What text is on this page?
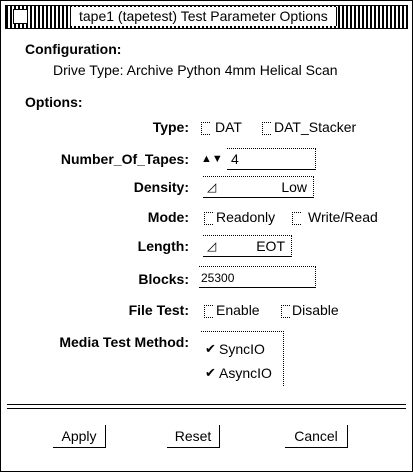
tape1 (tapetest) Test Parameter Options
Configuration:
Drive Type: Archive Python 4mm Helical Scan
Options:
Type: DAT DAT_Stacker
Number_Of_Tapes: ▲▼ 4
Density: ◿	Low
Mode: Readonly Write/Read
Length: ◿	EOT
Blocks: 25300
File Test: Enable Disable
Media Test Method: ✔ SyncIO
✔ AsyncIO
Apply	Reset	Cancel
